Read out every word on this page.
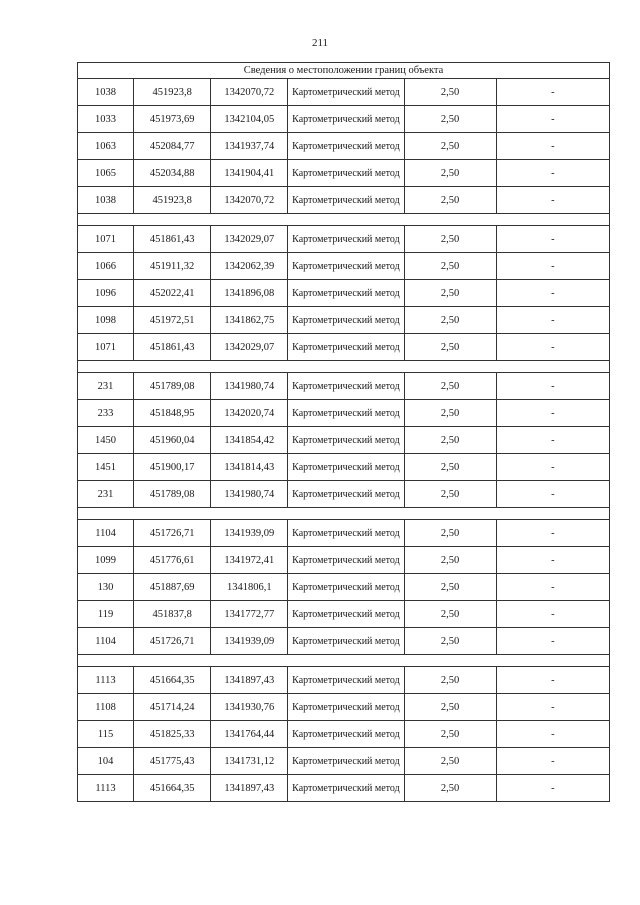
211
Сведения о местоположении границ объекта					
1038	451923,8	1342070,72	Картометрический метод	2,50	-
1033	451973,69	1342104,05	Картометрический метод	2,50	-
1063	452084,77	1341937,74	Картометрический метод	2,50	-
1065	452034,88	1341904,41	Картометрический метод	2,50	-
1038	451923,8	1342070,72	Картометрический метод	2,50	-

1071	451861,43	1342029,07	Картометрический метод	2,50	-
1066	451911,32	1342062,39	Картометрический метод	2,50	-
1096	452022,41	1341896,08	Картометрический метод	2,50	-
1098	451972,51	1341862,75	Картометрический метод	2,50	-
1071	451861,43	1342029,07	Картометрический метод	2,50	-

231	451789,08	1341980,74	Картометрический метод	2,50	-
233	451848,95	1342020,74	Картометрический метод	2,50	-
1450	451960,04	1341854,42	Картометрический метод	2,50	-
1451	451900,17	1341814,43	Картометрический метод	2,50	-
231	451789,08	1341980,74	Картометрический метод	2,50	-

1104	451726,71	1341939,09	Картометрический метод	2,50	-
1099	451776,61	1341972,41	Картометрический метод	2,50	-
130	451887,69	1341806,1	Картометрический метод	2,50	-
119	451837,8	1341772,77	Картометрический метод	2,50	-
1104	451726,71	1341939,09	Картометрический метод	2,50	-

1113	451664,35	1341897,43	Картометрический метод	2,50	-
1108	451714,24	1341930,76	Картометрический метод	2,50	-
115	451825,33	1341764,44	Картометрический метод	2,50	-
104	451775,43	1341731,12	Картометрический метод	2,50	-
1113	451664,35	1341897,43	Картометрический метод	2,50	-
